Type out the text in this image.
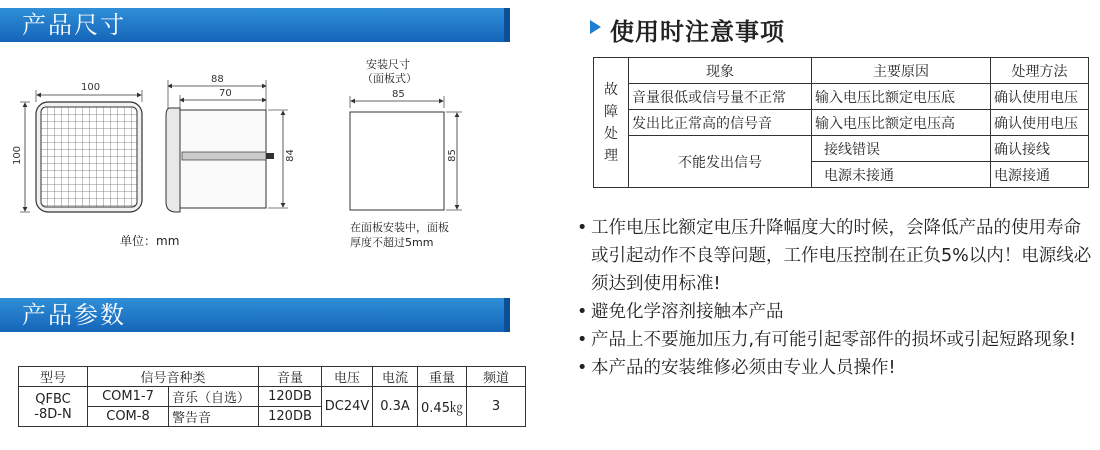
产品尺寸
100
100
88
70
84
安装尺寸
（面板式）
85
85
单位：mm
在面板安装中，面板
厚度不超过5mm
产品参数
型号	信号音种类		音量	电压	电流	重量	频道

QFBC
-8D-N	COM1-7	音乐（自选）	120DB	DC24V	0.3A	0.45㎏	3
	COM-8	警告音	120DB				
使用时注意事项
故
障
处
理	现象	主要原因	处理方法
	音量很低或信号量不正常	输入电压比额定电压底	确认使用电压
	发出比正常高的信号音	输入电压比额定电压高	确认使用电压
	不能发出信号	接线错误	确认接线
		电源未接通	电源接通
• 工作电压比额定电压升降幅度大的时候，会降低产品的使用寿命或引起动作不良等问题，工作电压控制在正负5%以内！电源线必须达到使用标准!
• 避免化学溶剂接触本产品
• 产品上不要施加压力,有可能引起零部件的损坏或引起短路现象!
• 本产品的安装维修必须由专业人员操作!
